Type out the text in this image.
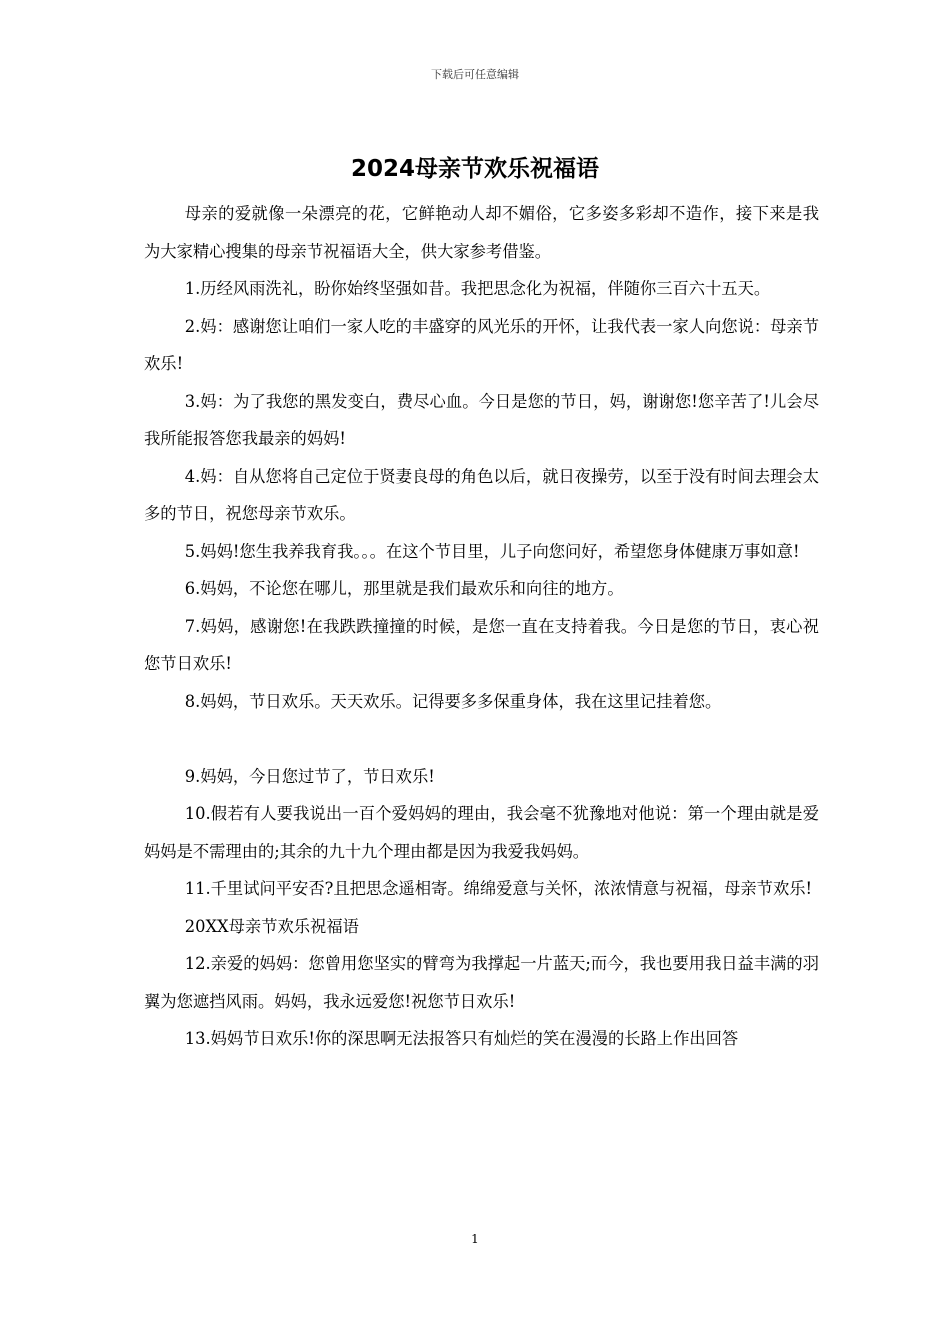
下载后可任意编辑
2024母亲节欢乐祝福语

母亲的爱就像一朵漂亮的花，它鲜艳动人却不媚俗，它多姿多彩却不造作，接下来是我为大家精心搜集的母亲节祝福语大全，供大家参考借鉴。

1.历经风雨洗礼，盼你始终坚强如昔。我把思念化为祝福，伴随你三百六十五天。

2.妈：感谢您让咱们一家人吃的丰盛穿的风光乐的开怀，让我代表一家人向您说：母亲节欢乐!

3.妈：为了我您的黑发变白，费尽心血。今日是您的节日，妈，谢谢您!您辛苦了!儿会尽我所能报答您我最亲的妈妈!

4.妈：自从您将自己定位于贤妻良母的角色以后，就日夜操劳，以至于没有时间去理会太多的节日，祝您母亲节欢乐。

5.妈妈!您生我养我育我。。。在这个节目里，儿子向您问好，希望您身体健康万事如意!

6.妈妈，不论您在哪儿，那里就是我们最欢乐和向往的地方。

7.妈妈，感谢您!在我跌跌撞撞的时候，是您一直在支持着我。今日是您的节日，衷心祝您节日欢乐!

8.妈妈，节日欢乐。天天欢乐。记得要多多保重身体，我在这里记挂着您。

9.妈妈，今日您过节了，节日欢乐!

10.假若有人要我说出一百个爱妈妈的理由，我会毫不犹豫地对他说：第一个理由就是爱妈妈是不需理由的;其余的九十九个理由都是因为我爱我妈妈。

11.千里试问平安否?且把思念遥相寄。绵绵爱意与关怀，浓浓情意与祝福，母亲节欢乐!

20XX母亲节欢乐祝福语

12.亲爱的妈妈：您曾用您坚实的臂弯为我撑起一片蓝天;而今，我也要用我日益丰满的羽翼为您遮挡风雨。妈妈，我永远爱您!祝您节日欢乐!

13.妈妈节日欢乐!你的深思啊无法报答只有灿烂的笑在漫漫的长路上作出回答

1
